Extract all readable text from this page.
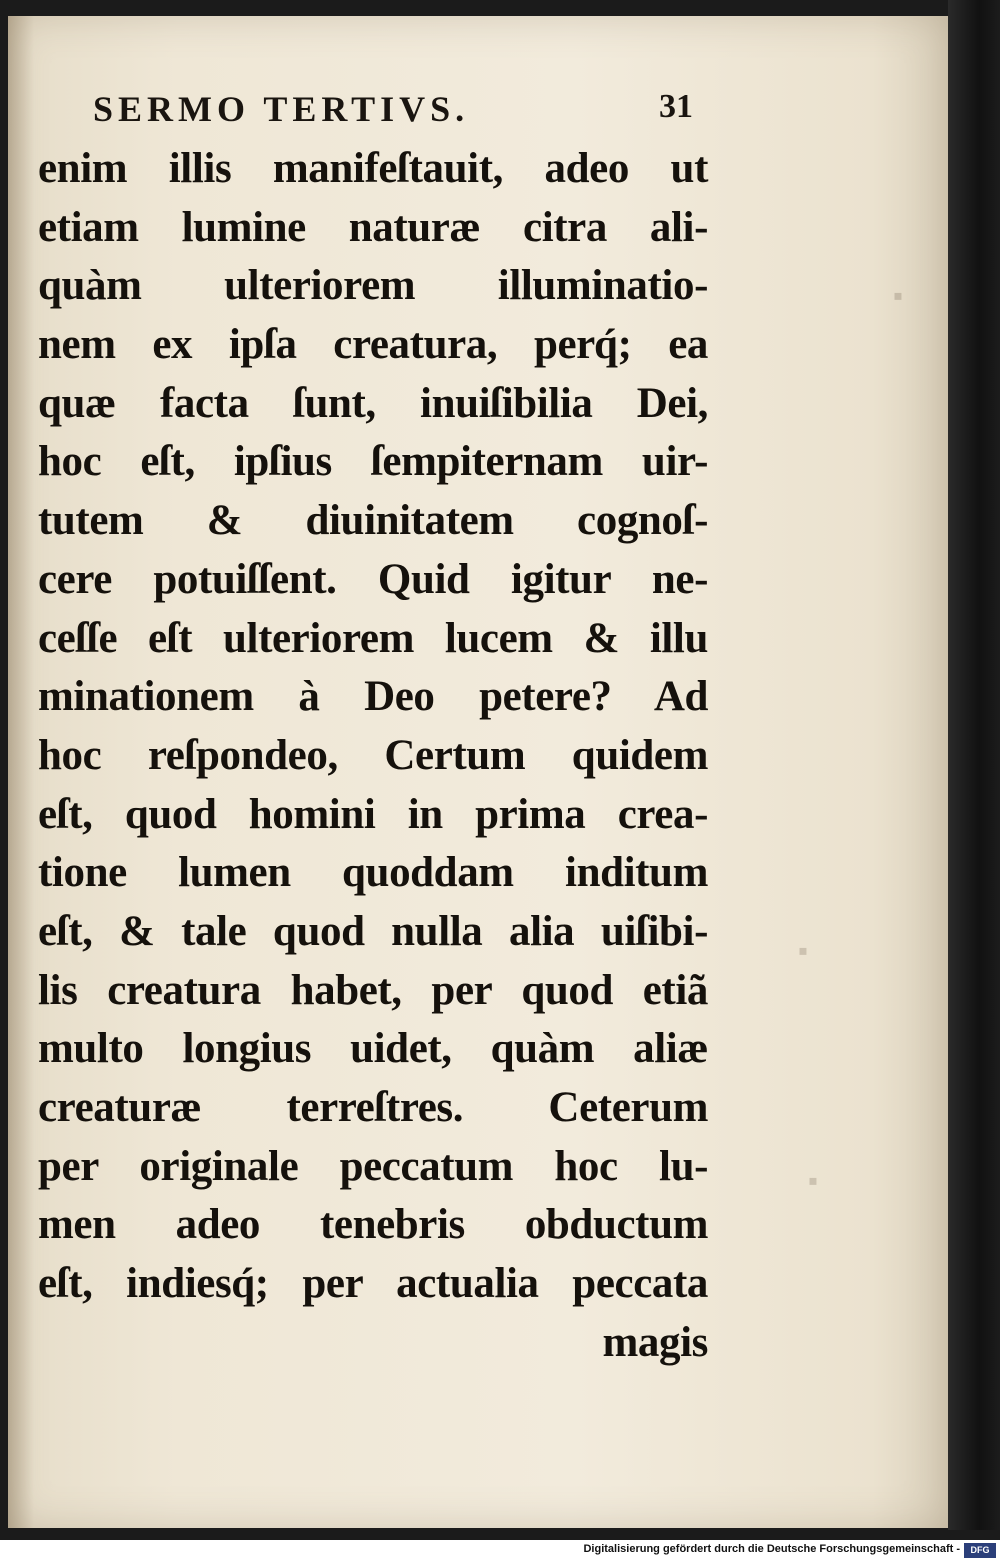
▪
▪
▪
SERMO TERTIVS.	31
enim illis manifeſtauit, adeo ut
etiam lumine naturæ citra ali-
quàm ulteriorem illuminatio-
nem ex ipſa creatura, perq́; ea
quæ facta ſunt, inuiſibilia Dei,
hoc eſt, ipſius ſempiternam uir-
tutem & diuinitatem cognoſ-
cere potuiſſent. Quid igitur ne-
ceſſe eſt ulteriorem lucem & illu
minationem à Deo petere? Ad
hoc reſpondeo, Certum quidem
eſt, quod homini in prima crea-
tione lumen quoddam inditum
eſt, & tale quod nulla alia uiſibi-
lis creatura habet, per quod etiã
multo longius uidet, quàm aliæ
creaturæ terreſtres. Ceterum
per originale peccatum hoc lu-
men adeo tenebris obductum
eſt, indiesq́; per actualia peccata
magis
Digitalisierung gefördert durch die Deutsche Forschungsgemeinschaft -	DFG
